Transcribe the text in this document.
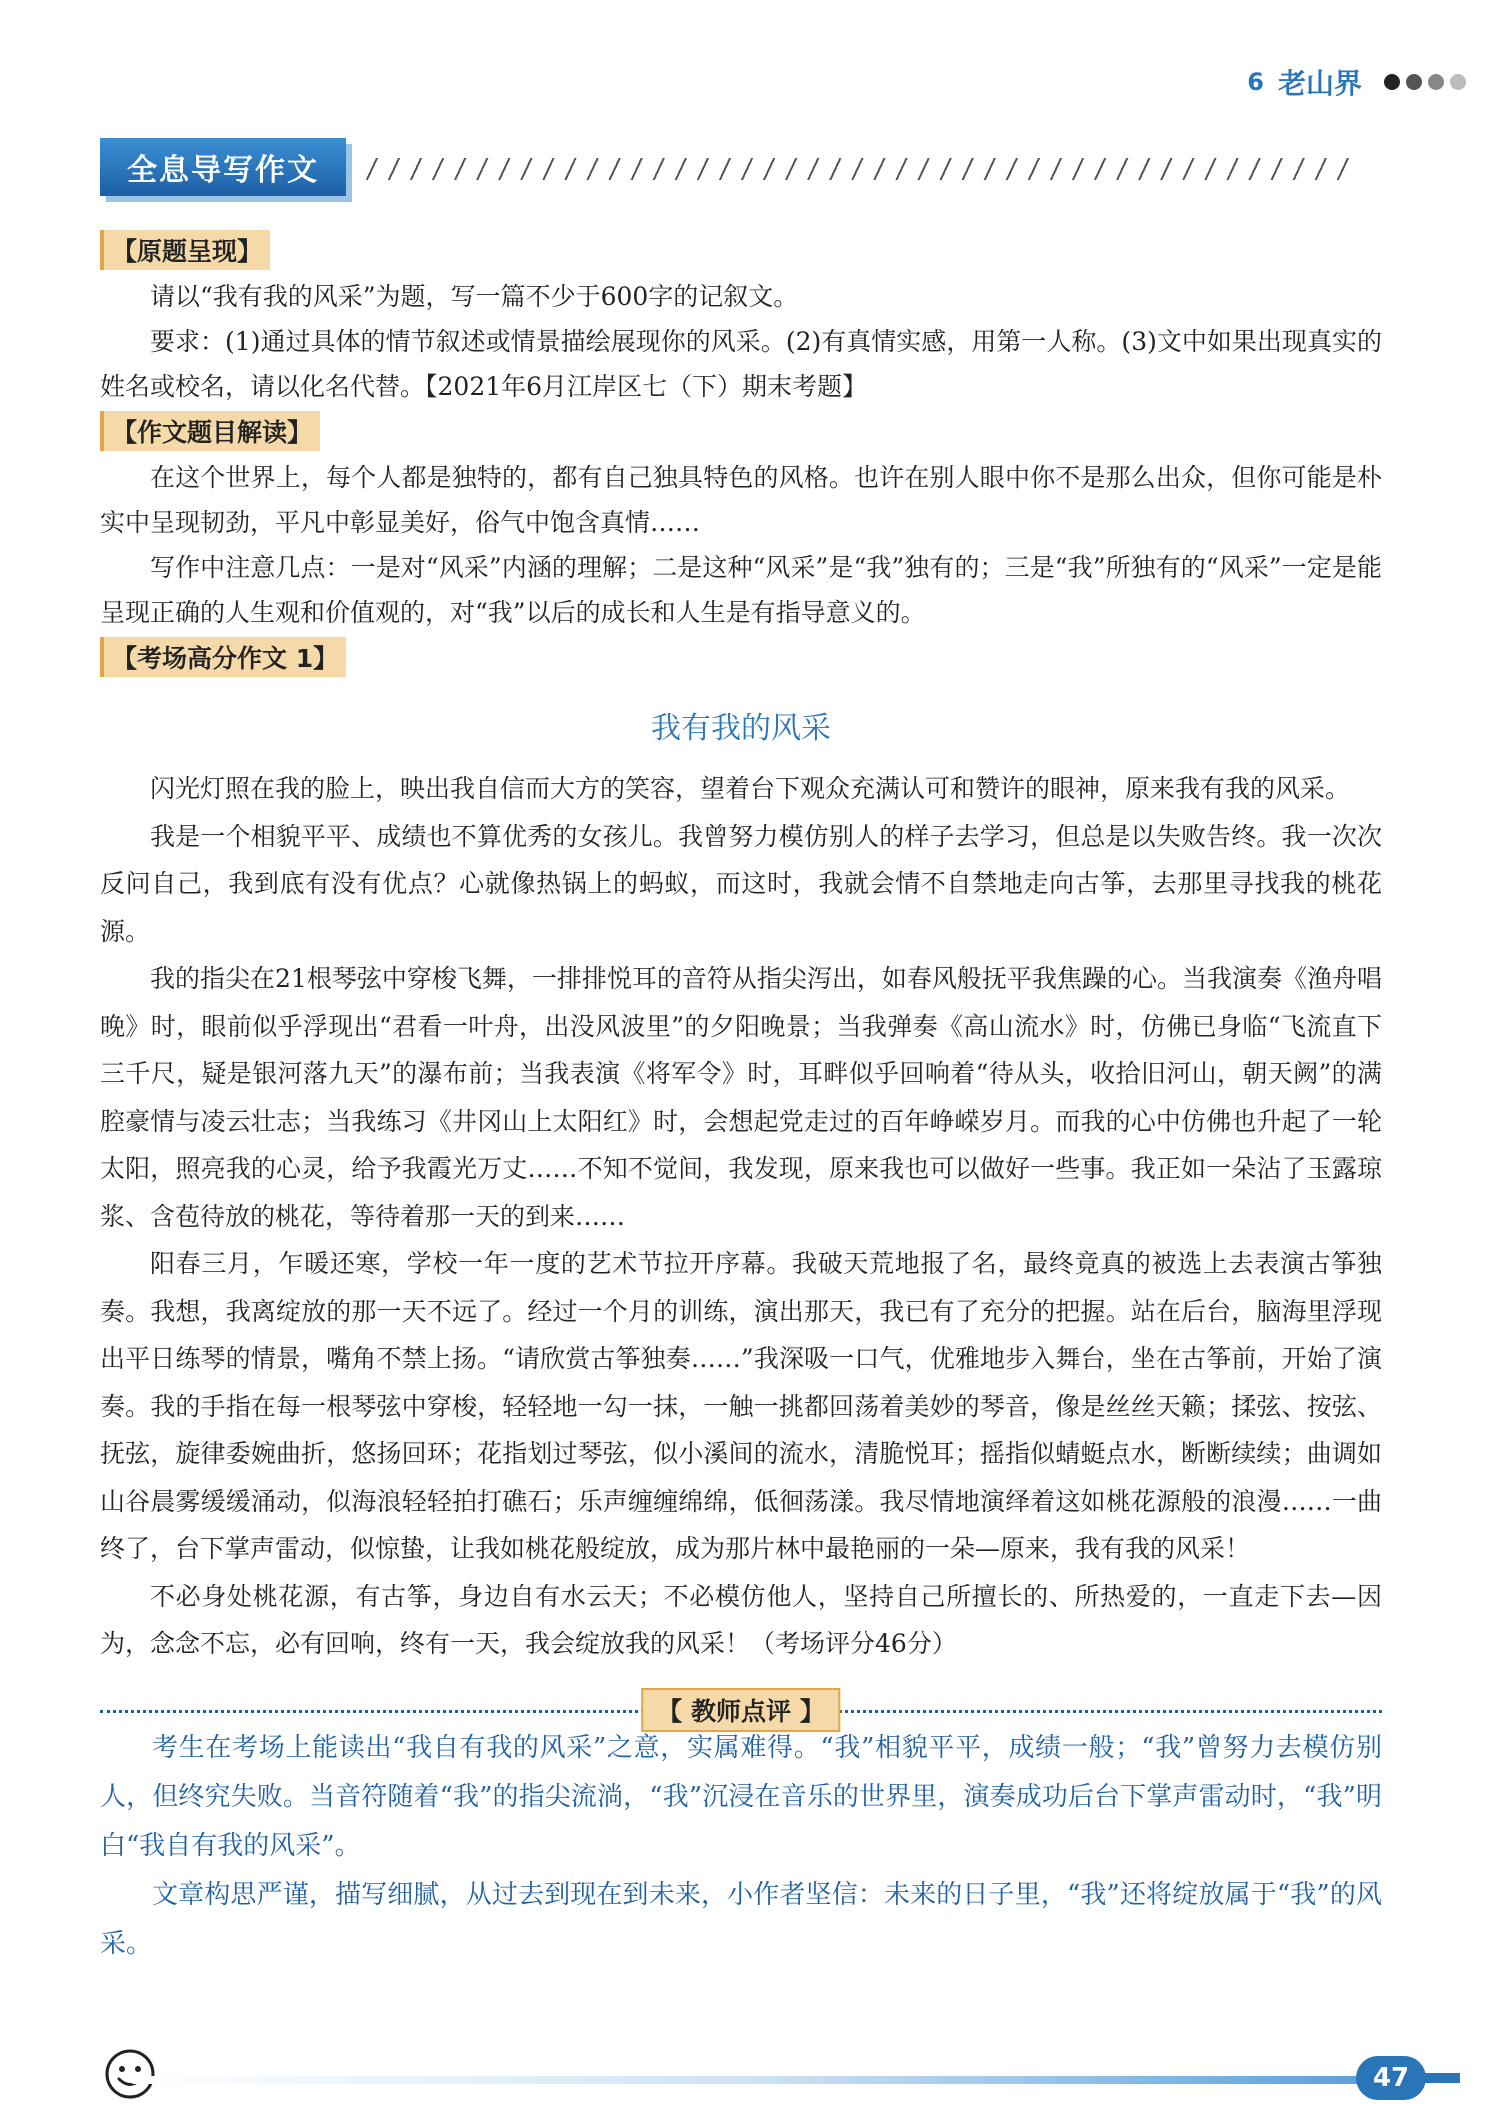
6 老山界
全息导写作文
【原题呈现】

请以“我有我的风采”为题，写一篇不少于600字的记叙文。

要求：(1)通过具体的情节叙述或情景描绘展现你的风采。(2)有真情实感，用第一人称。(3)文中如果出现真实的姓名或校名，请以化名代替。【2021年6月江岸区七（下）期末考题】

【作文题目解读】

在这个世界上，每个人都是独特的，都有自己独具特色的风格。也许在别人眼中你不是那么出众，但你可能是朴实中呈现韧劲，平凡中彰显美好，俗气中饱含真情……

写作中注意几点：一是对“风采”内涵的理解；二是这种“风采”是“我”独有的；三是“我”所独有的“风采”一定是能呈现正确的人生观和价值观的，对“我”以后的成长和人生是有指导意义的。

【考场高分作文 1】
我有我的风采

闪光灯照在我的脸上，映出我自信而大方的笑容，望着台下观众充满认可和赞许的眼神，原来我有我的风采。

我是一个相貌平平、成绩也不算优秀的女孩儿。我曾努力模仿别人的样子去学习，但总是以失败告终。我一次次反问自己，我到底有没有优点？心就像热锅上的蚂蚁，而这时，我就会情不自禁地走向古筝，去那里寻找我的桃花源。

我的指尖在21根琴弦中穿梭飞舞，一排排悦耳的音符从指尖泻出，如春风般抚平我焦躁的心。当我演奏《渔舟唱晚》时，眼前似乎浮现出“君看一叶舟，出没风波里”的夕阳晚景；当我弹奏《高山流水》时，仿佛已身临“飞流直下三千尺，疑是银河落九天”的瀑布前；当我表演《将军令》时，耳畔似乎回响着“待从头，收拾旧河山，朝天阙”的满腔豪情与凌云壮志；当我练习《井冈山上太阳红》时，会想起党走过的百年峥嵘岁月。而我的心中仿佛也升起了一轮太阳，照亮我的心灵，给予我霞光万丈……不知不觉间，我发现，原来我也可以做好一些事。我正如一朵沾了玉露琼浆、含苞待放的桃花，等待着那一天的到来……

阳春三月，乍暖还寒，学校一年一度的艺术节拉开序幕。我破天荒地报了名，最终竟真的被选上去表演古筝独奏。我想，我离绽放的那一天不远了。经过一个月的训练，演出那天，我已有了充分的把握。站在后台，脑海里浮现出平日练琴的情景，嘴角不禁上扬。“请欣赏古筝独奏……”我深吸一口气，优雅地步入舞台，坐在古筝前，开始了演奏。我的手指在每一根琴弦中穿梭，轻轻地一勾一抹，一触一挑都回荡着美妙的琴音，像是丝丝天籁；揉弦、按弦、抚弦，旋律委婉曲折，悠扬回环；花指划过琴弦，似小溪间的流水，清脆悦耳；摇指似蜻蜓点水，断断续续；曲调如山谷晨雾缓缓涌动，似海浪轻轻拍打礁石；乐声缠缠绵绵，低徊荡漾。我尽情地演绎着这如桃花源般的浪漫……一曲终了，台下掌声雷动，似惊蛰，让我如桃花般绽放，成为那片林中最艳丽的一朵—原来，我有我的风采！

不必身处桃花源，有古筝，身边自有水云天；不必模仿他人，坚持自己所擅长的、所热爱的，一直走下去—因为，念念不忘，必有回响，终有一天，我会绽放我的风采！（考场评分46分）

【 教师点评 】

考生在考场上能读出“我自有我的风采”之意，实属难得。“我”相貌平平，成绩一般；“我”曾努力去模仿别人，但终究失败。当音符随着“我”的指尖流淌，“我”沉浸在音乐的世界里，演奏成功后台下掌声雷动时，“我”明白“我自有我的风采”。

文章构思严谨，描写细腻，从过去到现在到未来，小作者坚信：未来的日子里，“我”还将绽放属于“我”的风采。

47
